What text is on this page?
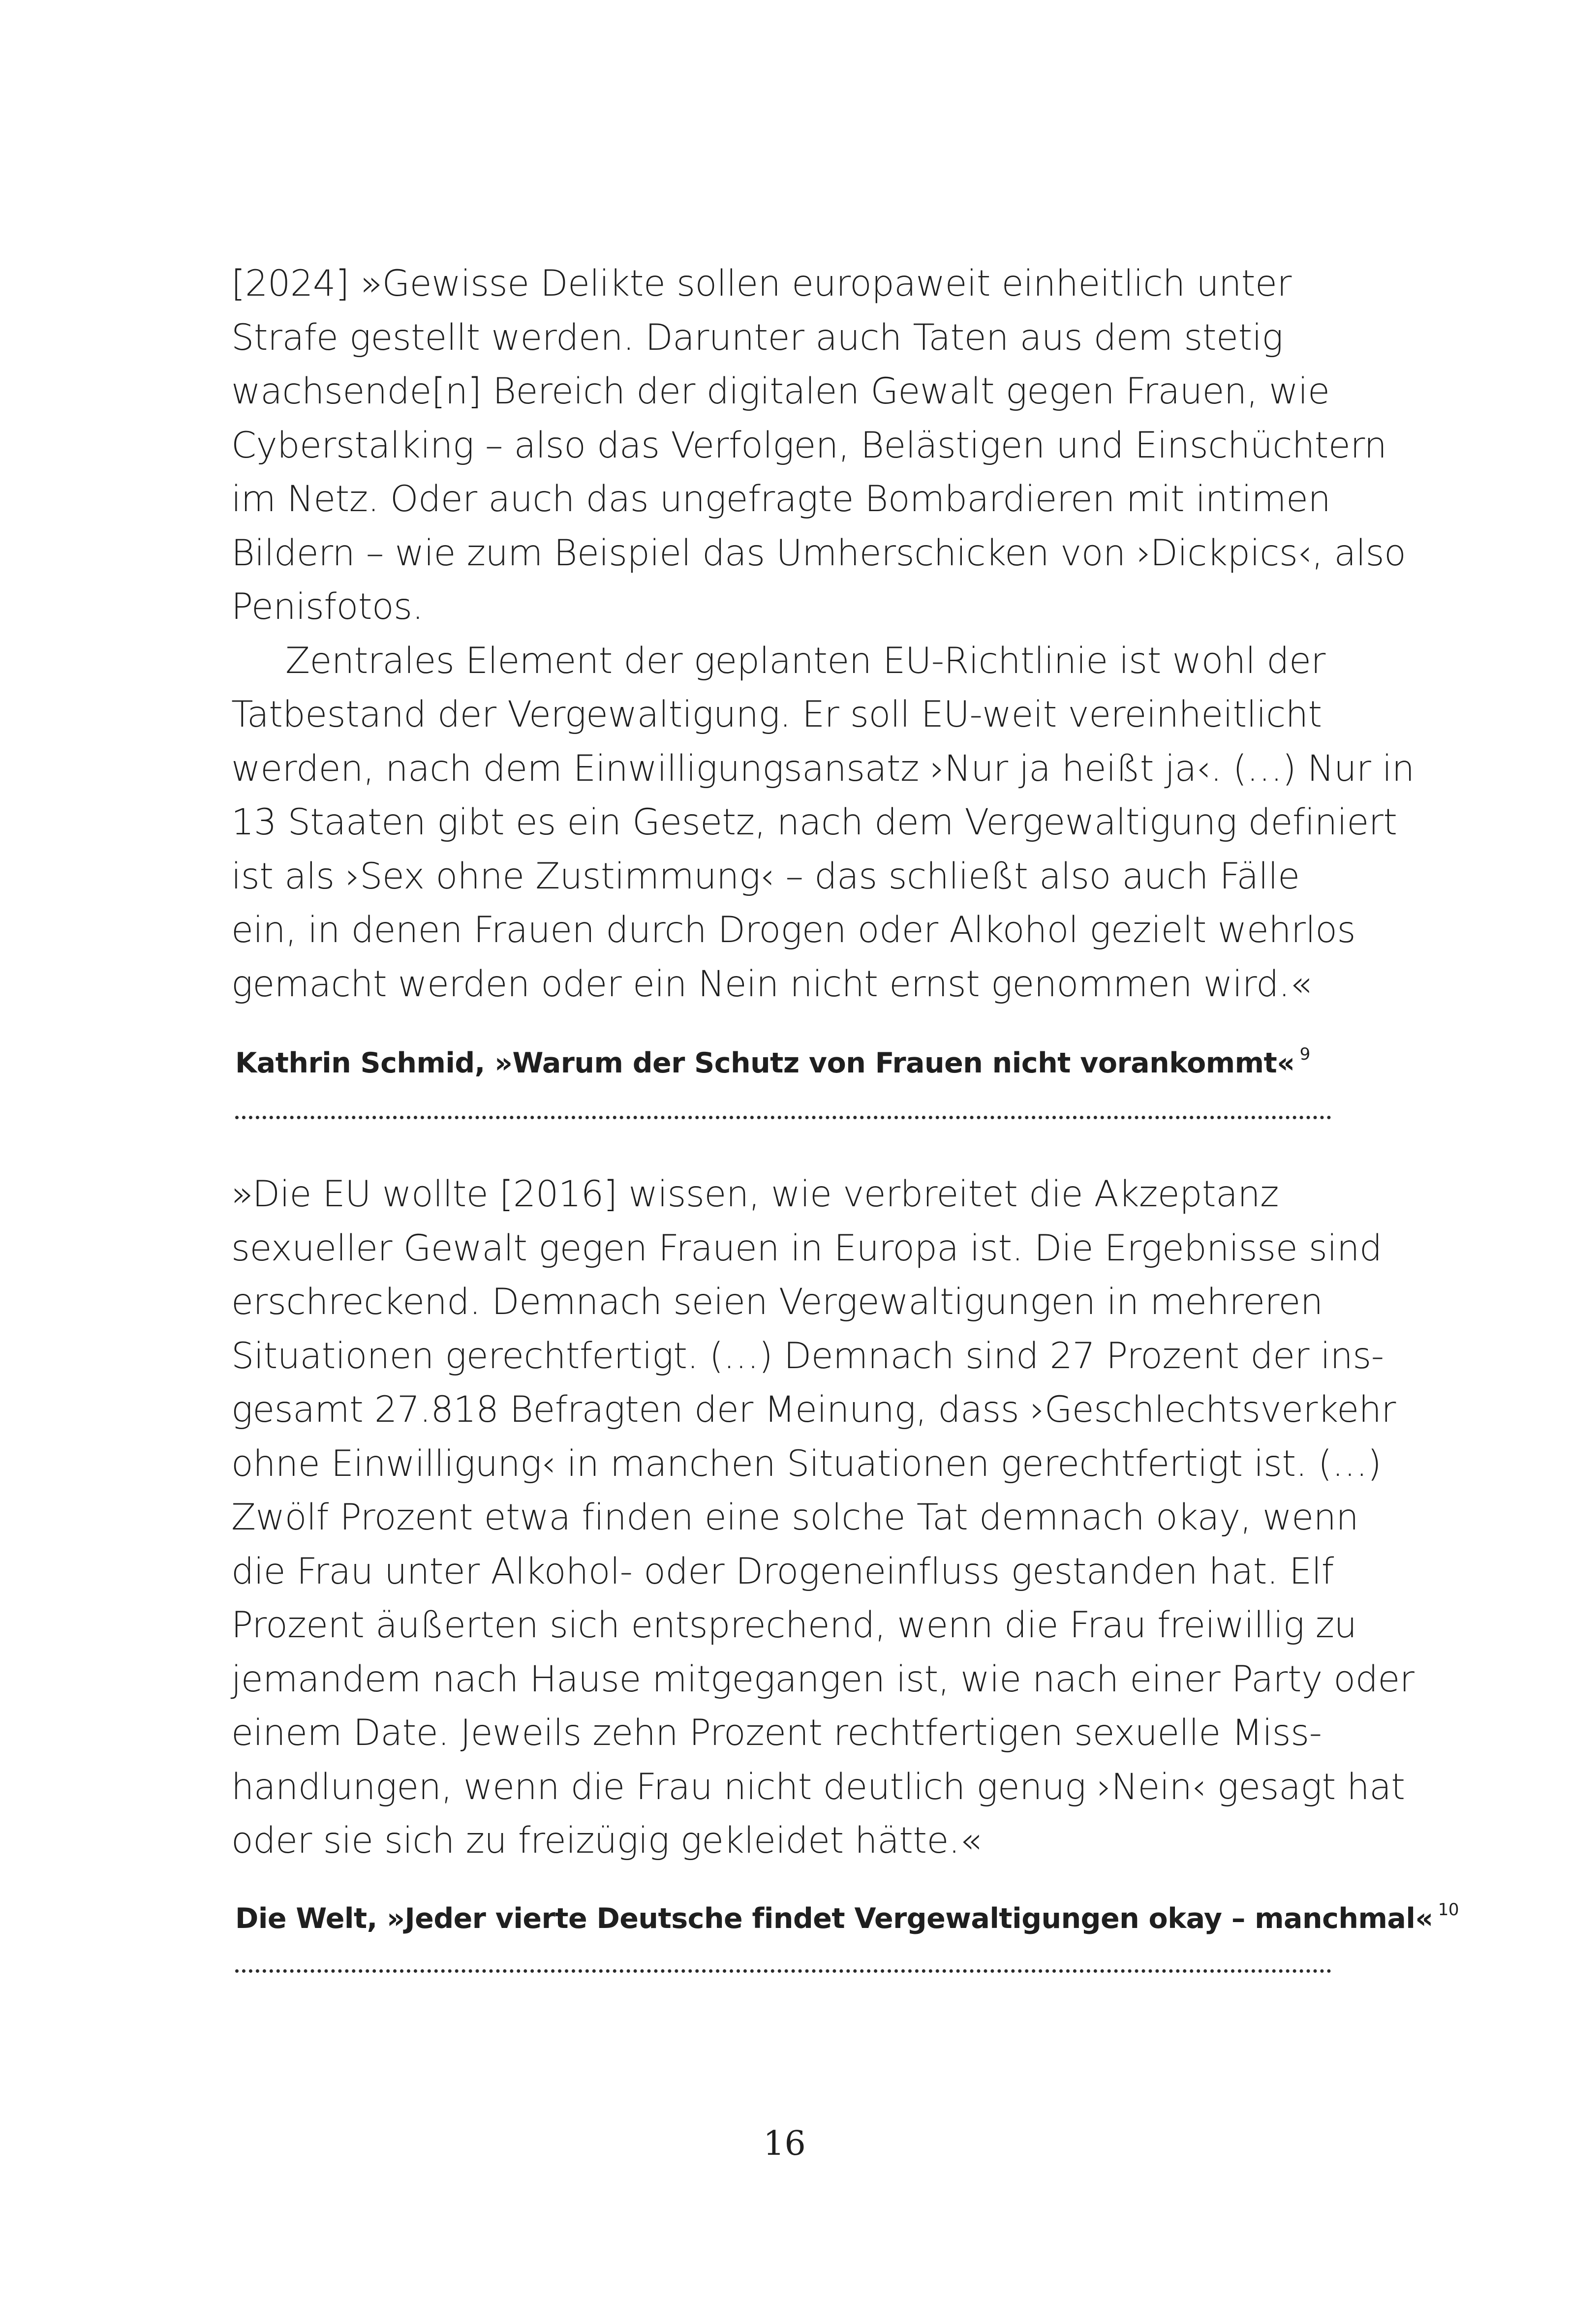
[2024] »Gewisse Delikte sollen europaweit einheitlich unter
Strafe gestellt werden. Darunter auch Taten aus dem stetig
wachsende[n] Bereich der digitalen Gewalt gegen Frauen, wie
Cyberstalking – also das Verfolgen, Belästigen und Einschüchtern
im Netz. Oder auch das ungefragte Bombardieren mit intimen
Bildern – wie zum Beispiel das Umherschicken von ›Dickpics‹, also
Penisfotos.
Zentrales Element der geplanten EU-Richtlinie ist wohl der
Tatbestand der Vergewaltigung. Er soll EU-weit vereinheitlicht
werden, nach dem Einwilligungsansatz ›Nur ja heißt ja‹. (…) Nur in
13 Staaten gibt es ein Gesetz, nach dem Vergewaltigung definiert
ist als ›Sex ohne Zustimmung‹ – das schließt also auch Fälle
ein, in denen Frauen durch Drogen oder Alkohol gezielt wehrlos
gemacht werden oder ein Nein nicht ernst genommen wird.«
Kathrin Schmid, »Warum der Schutz von Frauen nicht vorankommt« $^9$
»Die EU wollte [2016] wissen, wie verbreitet die Akzeptanz
sexueller Gewalt gegen Frauen in Europa ist. Die Ergebnisse sind
erschreckend. Demnach seien Vergewaltigungen in mehreren
Situationen gerechtfertigt. (…) Demnach sind 27 Prozent der ins-
gesamt 27.818 Befragten der Meinung, dass ›Geschlechtsverkehr
ohne Einwilligung‹ in manchen Situationen gerechtfertigt ist. (…)
Zwölf Prozent etwa finden eine solche Tat demnach okay, wenn
die Frau unter Alkohol- oder Drogeneinfluss gestanden hat. Elf
Prozent äußerten sich entsprechend, wenn die Frau freiwillig zu
jemandem nach Hause mitgegangen ist, wie nach einer Party oder
einem Date. Jeweils zehn Prozent rechtfertigen sexuelle Miss-
handlungen, wenn die Frau nicht deutlich genug ›Nein‹ gesagt hat
oder sie sich zu freizügig gekleidet hätte.«
Die Welt, »Jeder vierte Deutsche findet Vergewaltigungen okay – manchmal« $^{10}$
16
